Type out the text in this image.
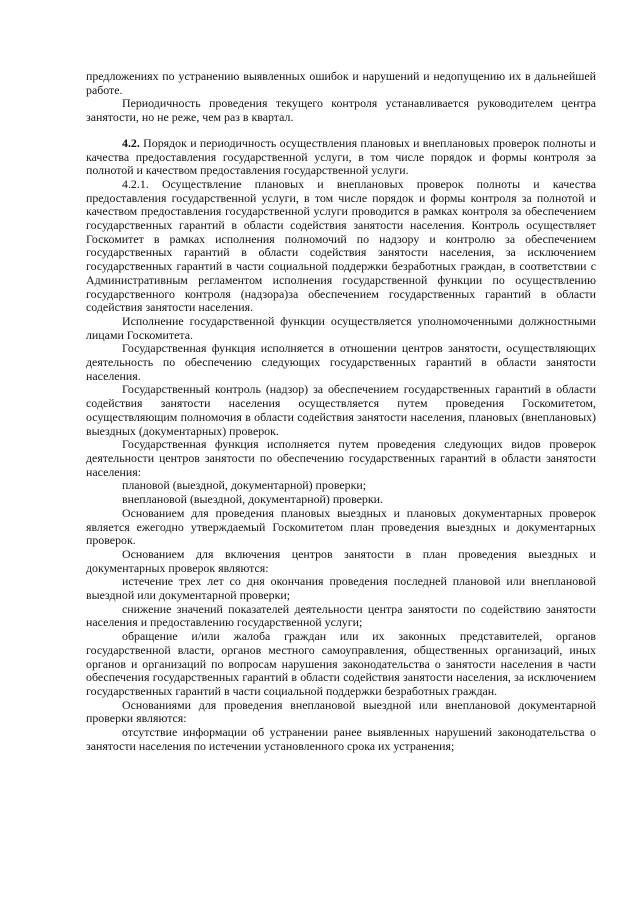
предложениях по устранению выявленных ошибок и нарушений и недопущению их в дальнейшей работе.

Периодичность проведения текущего контроля устанавливается руководителем центра занятости, но не реже, чем раз в квартал.

4.2. Порядок и периодичность осуществления плановых и внеплановых проверок полноты и качества предоставления государственной услуги, в том числе порядок и формы контроля за полнотой и качеством предоставления государственной услуги.

4.2.1. Осуществление плановых и внеплановых проверок полноты и качества предоставления государственной услуги, в том числе порядок и формы контроля за полнотой и качеством предоставления государственной услуги проводится в рамках контроля за обеспечением государственных гарантий в области содействия занятости населения. Контроль осуществляет Госкомитет в рамках исполнения полномочий по надзору и контролю за обеспечением государственных гарантий в области содействия занятости населения, за исключением государственных гарантий в части социальной поддержки безработных граждан, в соответствии с Административным регламентом исполнения государственной функции по осуществлению государственного контроля (надзора)за обеспечением государственных гарантий в области содействия занятости населения.

Исполнение государственной функции осуществляется уполномоченными должностными лицами Госкомитета.

Государственная функция исполняется в отношении центров занятости, осуществляющих деятельность по обеспечению следующих государственных гарантий в области занятости населения.

Государственный контроль (надзор) за обеспечением государственных гарантий в области содействия занятости населения осуществляется путем проведения Госкомитетом, осуществляющим полномочия в области содействия занятости населения, плановых (внеплановых) выездных (документарных) проверок.

Государственная функция исполняется путем проведения следующих видов проверок деятельности центров занятости по обеспечению государственных гарантий в области занятости населения:

плановой (выездной, документарной) проверки;

внеплановой (выездной, документарной) проверки.

Основанием для проведения плановых выездных и плановых документарных проверок является ежегодно утверждаемый Госкомитетом план проведения выездных и документарных проверок.

Основанием для включения центров занятости в план проведения выездных и документарных проверок являются:

истечение трех лет со дня окончания проведения последней плановой или внеплановой выездной или документарной проверки;

снижение значений показателей деятельности центра занятости по содействию занятости населения и предоставлению государственной услуги;

обращение и/или жалоба граждан или их законных представителей, органов государственной власти, органов местного самоуправления, общественных организаций, иных органов и организаций по вопросам нарушения законодательства о занятости населения в части обеспечения государственных гарантий в области содействия занятости населения, за исключением государственных гарантий в части социальной поддержки безработных граждан.

Основаниями для проведения внеплановой выездной или внеплановой документарной проверки являются:

отсутствие информации об устранении ранее выявленных нарушений законодательства о занятости населения по истечении установленного срока их устранения;
